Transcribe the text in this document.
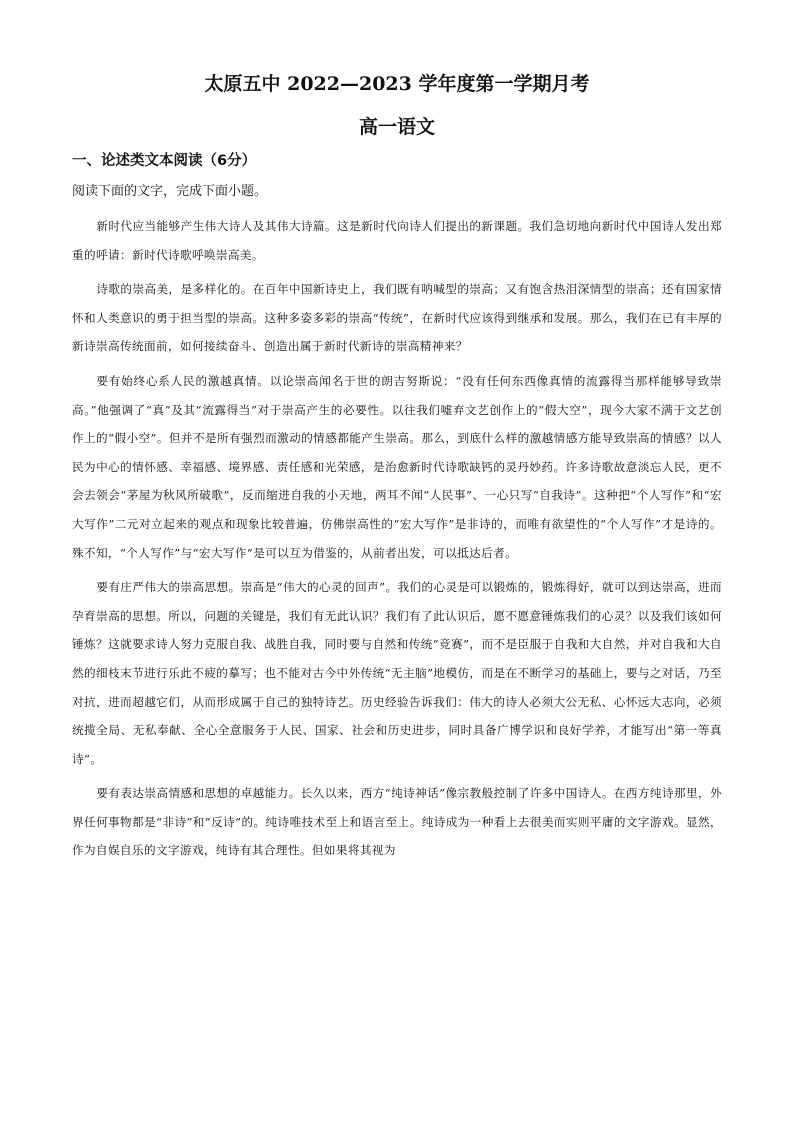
太原五中 2022—2023 学年度第一学期月考
高一语文
一、论述类文本阅读（6分）
阅读下面的文字，完成下面小题。

新时代应当能够产生伟大诗人及其伟大诗篇。这是新时代向诗人们提出的新课题。我们急切地向新时代中国诗人发出郑重的呼请：新时代诗歌呼唤崇高美。

诗歌的崇高美，是多样化的。在百年中国新诗史上，我们既有呐喊型的崇高；又有饱含热泪深情型的崇高；还有国家情怀和人类意识的勇于担当型的崇高。这种多姿多彩的崇高“传统”，在新时代应该得到继承和发展。那么，我们在已有丰厚的新诗崇高传统面前，如何接续奋斗、创造出属于新时代新诗的崇高精神来？

要有始终心系人民的激越真情。以论崇高闻名于世的朗吉努斯说：“没有任何东西像真情的流露得当那样能够导致崇高。”他强调了“真”及其“流露得当”对于崇高产生的必要性。以往我们嘘弃文艺创作上的“假大空”，现今大家不满于文艺创作上的“假小空”。但并不是所有强烈而激动的情感都能产生崇高。那么，到底什么样的激越情感方能导致崇高的情感？以人民为中心的情怀感、幸福感、境界感、责任感和光荣感，是治愈新时代诗歌缺钙的灵丹妙药。许多诗歌故意淡忘人民，更不会去领会“茅屋为秋风所破歌”，反而缩进自我的小天地，两耳不闻“人民事”、一心只写“自我诗”。这种把“个人写作”和“宏大写作”二元对立起来的观点和现象比较普遍，仿佛崇高性的“宏大写作”是非诗的，而唯有欲望性的“个人写作”才是诗的。殊不知，“个人写作”与“宏大写作”是可以互为借鉴的，从前者出发，可以抵达后者。

要有庄严伟大的崇高思想。崇高是“伟大的心灵的回声”。我们的心灵是可以锻炼的，锻炼得好，就可以到达崇高，进而孕育崇高的思想。所以，问题的关键是，我们有无此认识？我们有了此认识后，愿不愿意锤炼我们的心灵？以及我们该如何锤炼？这就要求诗人努力克服自我、战胜自我，同时要与自然和传统“竞赛”，而不是臣服于自我和大自然，并对自我和大自然的细枝末节进行乐此不疲的摹写；也不能对古今中外传统“无主脑”地模仿，而是在不断学习的基础上，要与之对话，乃至对抗，进而超越它们，从而形成属于自己的独特诗艺。历史经验告诉我们：伟大的诗人必须大公无私、心怀远大志向，必须统揽全局、无私奉献、全心全意服务于人民、国家、社会和历史进步，同时具备广博学识和良好学养，才能写出“第一等真诗”。

要有表达崇高情感和思想的卓越能力。长久以来，西方“纯诗神话”像宗教般控制了许多中国诗人。在西方纯诗那里，外界任何事物都是“非诗”和“反诗”的。纯诗唯技术至上和语言至上。纯诗成为一种看上去很美而实则平庸的文字游戏。显然，作为自娱自乐的文字游戏，纯诗有其合理性。但如果将其视为
